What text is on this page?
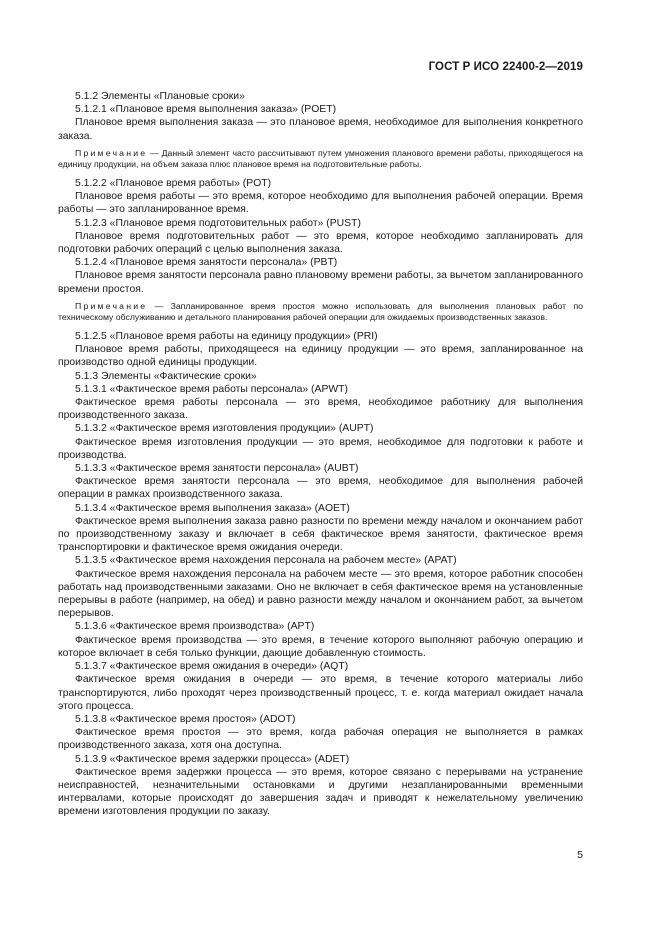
ГОСТ Р ИСО 22400-2—2019

5.1.2 Элементы «Плановые сроки»

5.1.2.1 «Плановое время выполнения заказа» (POET)

Плановое время выполнения заказа — это плановое время, необходимое для выполнения конкретного заказа.

Примечание — Данный элемент часто рассчитывают путем умножения планового времени работы, приходящегося на единицу продукции, на объем заказа плюс плановое время на подготовительные работы.

5.1.2.2 «Плановое время работы» (POT)

Плановое время работы — это время, которое необходимо для выполнения рабочей операции. Время работы — это запланированное время.

5.1.2.3 «Плановое время подготовительных работ» (PUST)

Плановое время подготовительных работ — это время, которое необходимо запланировать для подготовки рабочих операций с целью выполнения заказа.

5.1.2.4 «Плановое время занятости персонала» (PBT)

Плановое время занятости персонала равно плановому времени работы, за вычетом запланированного времени простоя.

Примечание — Запланированное время простоя можно использовать для выполнения плановых работ по техническому обслуживанию и детального планирования рабочей операции для ожидаемых производственных заказов.

5.1.2.5 «Плановое время работы на единицу продукции» (PRI)

Плановое время работы, приходящееся на единицу продукции — это время, запланированное на производство одной единицы продукции.

5.1.3 Элементы «Фактические сроки»

5.1.3.1 «Фактическое время работы персонала» (APWT)

Фактическое время работы персонала — это время, необходимое работнику для выполнения производственного заказа.

5.1.3.2 «Фактическое время изготовления продукции» (AUPT)

Фактическое время изготовления продукции — это время, необходимое для подготовки к работе и производства.

5.1.3.3 «Фактическое время занятости персонала» (AUBT)

Фактическое время занятости персонала — это время, необходимое для выполнения рабочей операции в рамках производственного заказа.

5.1.3.4 «Фактическое время выполнения заказа» (AOET)

Фактическое время выполнения заказа равно разности по времени между началом и окончанием работ по производственному заказу и включает в себя фактическое время занятости, фактическое время транспортировки и фактическое время ожидания очереди.

5.1.3.5 «Фактическое время нахождения персонала на рабочем месте» (APAT)

Фактическое время нахождения персонала на рабочем месте — это время, которое работник способен работать над производственными заказами. Оно не включает в себя фактическое время на установленные перерывы в работе (например, на обед) и равно разности между началом и окончанием работ, за вычетом перерывов.

5.1.3.6 «Фактическое время производства» (APT)

Фактическое время производства — это время, в течение которого выполняют рабочую операцию и которое включает в себя только функции, дающие добавленную стоимость.

5.1.3.7 «Фактическое время ожидания в очереди» (AQT)

Фактическое время ожидания в очереди — это время, в течение которого материалы либо транспортируются, либо проходят через производственный процесс, т. е. когда материал ожидает начала этого процесса.

5.1.3.8 «Фактическое время простоя» (ADOT)

Фактическое время простоя — это время, когда рабочая операция не выполняется в рамках производственного заказа, хотя она доступна.

5.1.3.9 «Фактическое время задержки процесса» (ADET)

Фактическое время задержки процесса — это время, которое связано с перерывами на устранение неисправностей, незначительными остановками и другими незапланированными временными интервалами, которые происходят до завершения задач и приводят к нежелательному увеличению времени изготовления продукции по заказу.

5
